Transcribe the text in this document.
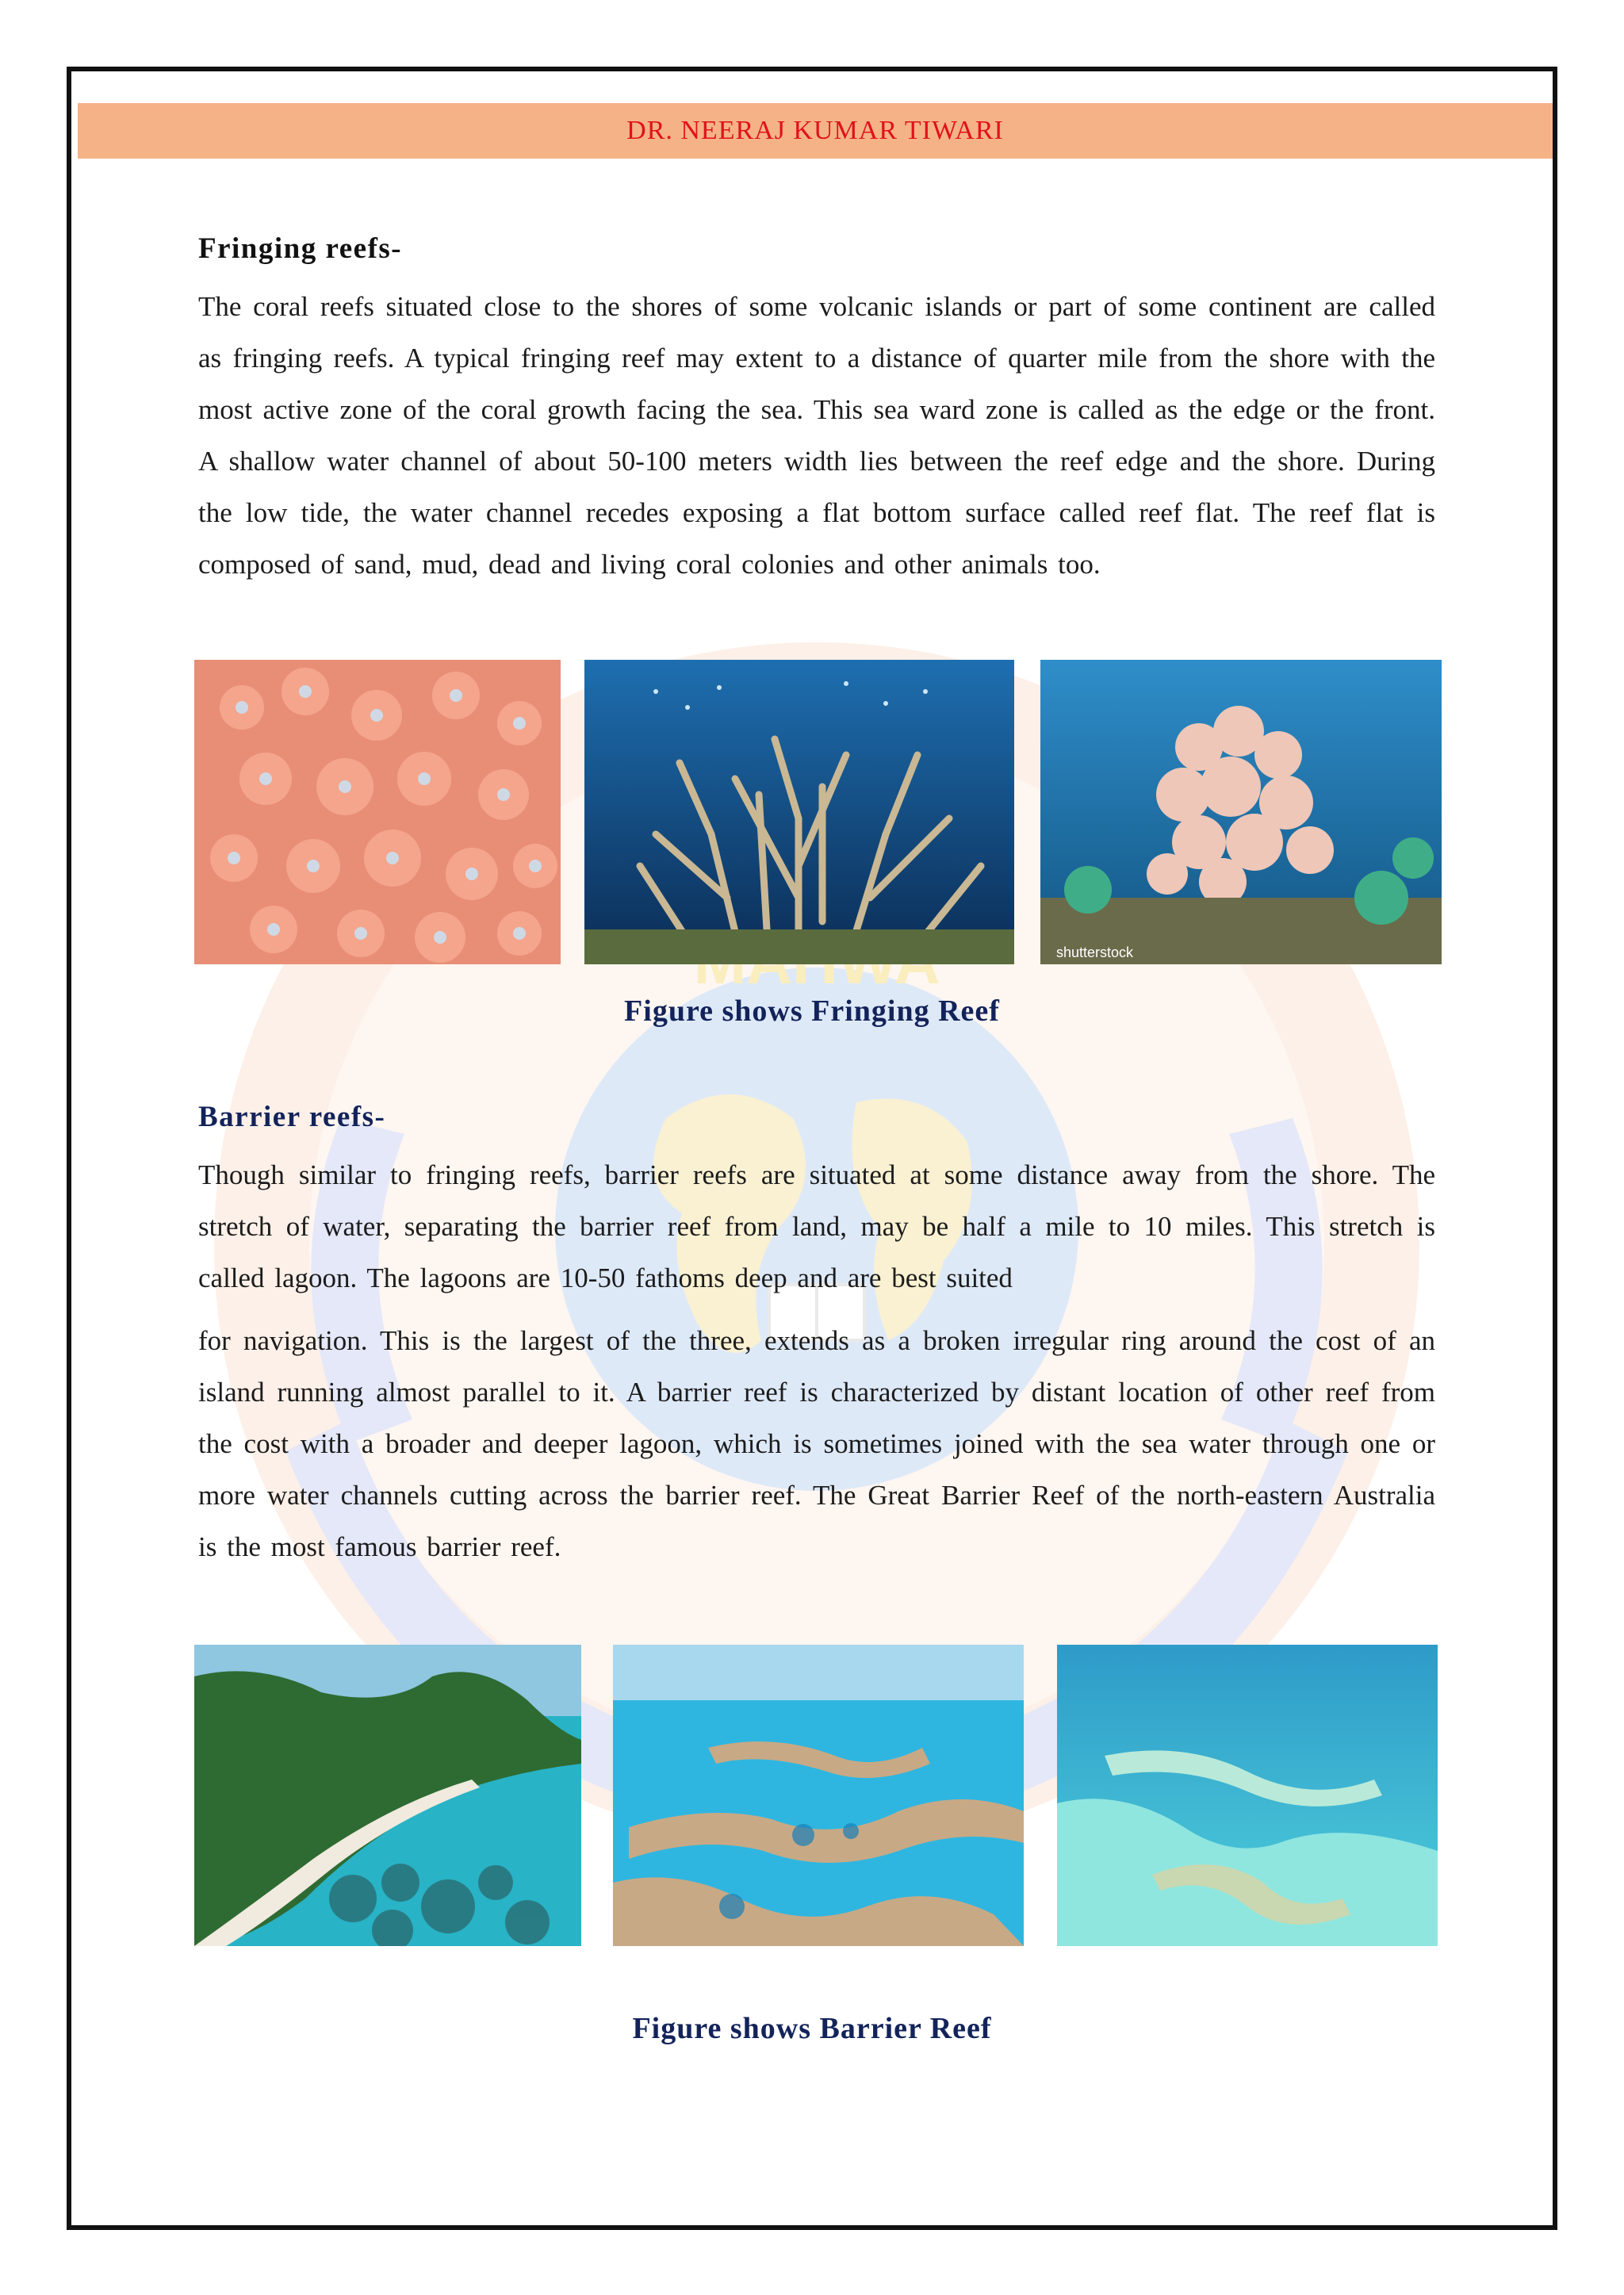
DR. NEERAJ KUMAR TIWARI
Fringing reefs-

The coral reefs situated close to the shores of some volcanic islands or part of some continent are called as fringing reefs. A typical fringing reef may extent to a distance of quarter mile from the shore with the most active zone of the coral growth facing the sea. This sea ward zone is called as the edge or the front. A shallow water channel of about 50-100 meters width lies between the reef edge and the shore. During the low tide, the water channel recedes exposing a flat bottom surface called reef flat. The reef flat is composed of sand, mud, dead and living coral colonies and other animals too.

shutterstock
Figure shows Fringing Reef
Barrier reefs-

Though similar to fringing reefs, barrier reefs are situated at some distance away from the shore. The stretch of water, separating the barrier reef from land, may be half a mile to 10 miles. This stretch is called lagoon. The lagoons are 10-50 fathoms deep and are best suited

for navigation. This is the largest of the three, extends as a broken irregular ring around the cost of an island running almost parallel to it. A barrier reef is characterized by distant location of other reef from the cost with a broader and deeper lagoon, which is sometimes joined with the sea water through one or more water channels cutting across the barrier reef. The Great Barrier Reef of the north-eastern Australia is the most famous barrier reef.

Figure shows Barrier Reef
